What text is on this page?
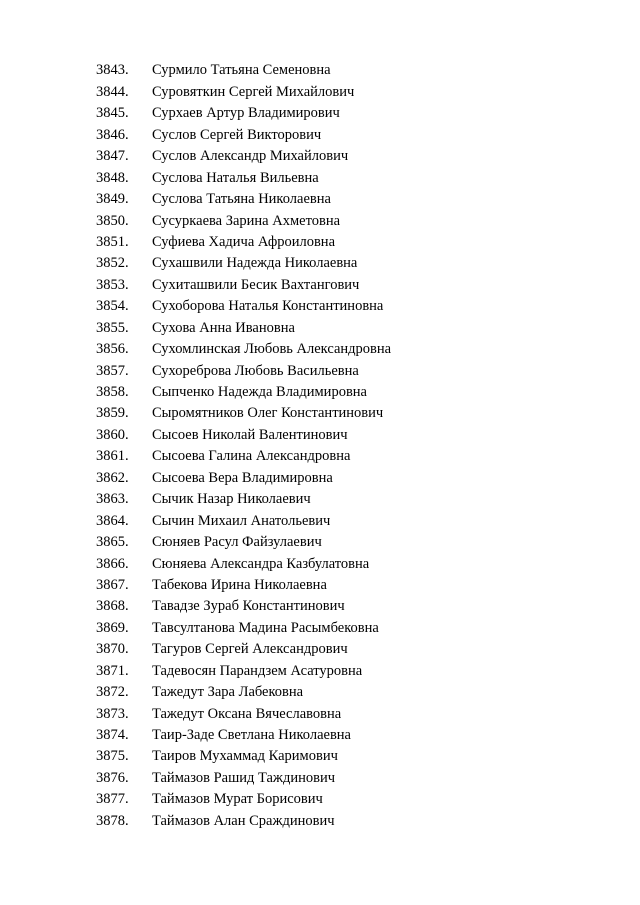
3843.	Сурмило Татьяна Семеновна
3844.	Суровяткин Сергей Михайлович
3845.	Сурхаев Артур Владимирович
3846.	Суслов Сергей Викторович
3847.	Суслов Александр Михайлович
3848.	Суслова Наталья Вильевна
3849.	Суслова Татьяна Николаевна
3850.	Сусуркаева Зарина Ахметовна
3851.	Суфиева Хадича Афроиловна
3852.	Сухашвили Надежда Николаевна
3853.	Сухиташвили Бесик Вахтангович
3854.	Сухоборова Наталья Константиновна
3855.	Сухова Анна Ивановна
3856.	Сухомлинская Любовь Александровна
3857.	Сухореброва Любовь Васильевна
3858.	Сыпченко Надежда Владимировна
3859.	Сыромятников Олег Константинович
3860.	Сысоев Николай Валентинович
3861.	Сысоева Галина Александровна
3862.	Сысоева Вера Владимировна
3863.	Сычик Назар Николаевич
3864.	Сычин Михаил Анатольевич
3865.	Сюняев Расул Файзулаевич
3866.	Сюняева Александра Казбулатовна
3867.	Табекова Ирина Николаевна
3868.	Тавадзе Зураб Константинович
3869.	Тавсултанова Мадина Расымбековна
3870.	Тагуров Сергей Александрович
3871.	Тадевосян Парандзем Асатуровна
3872.	Тажедут Зара Лабековна
3873.	Тажедут Оксана Вячеславовна
3874.	Таир-Заде Светлана Николаевна
3875.	Таиров Мухаммад Каримович
3876.	Таймазов Рашид Таждинович
3877.	Таймазов Мурат Борисович
3878.	Таймазов Алан Сраждинович
